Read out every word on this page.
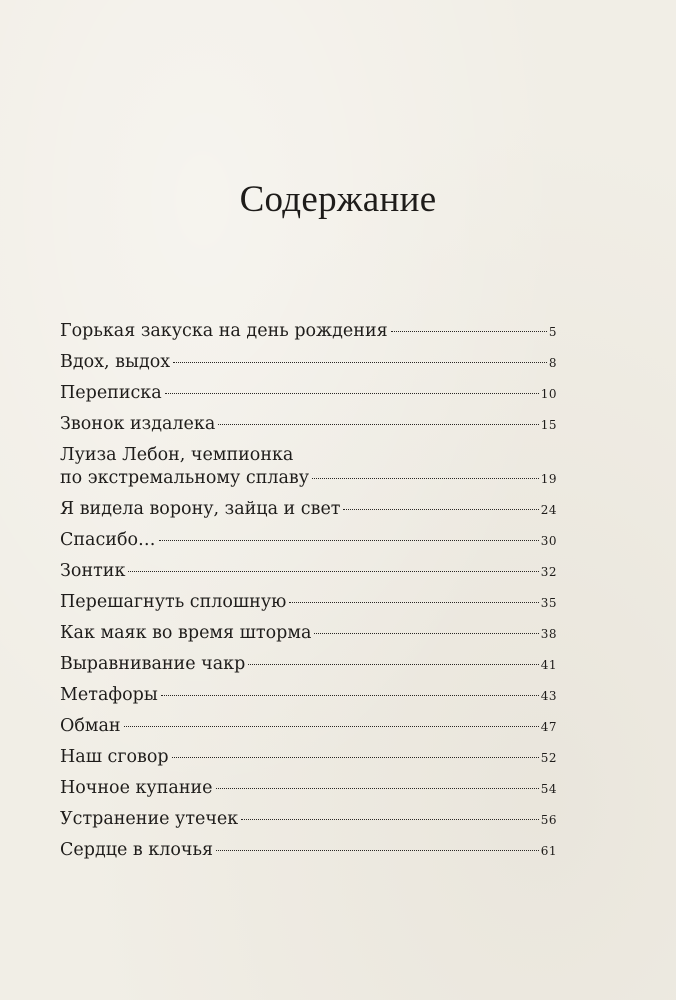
Содержание
Горькая закуска на день рождения	5
Вдох, выдох	8
Переписка	10
Звонок издалека	15
Луиза Лебон, чемпионка
по экстремальному сплаву	19
Я видела ворону, зайца и свет	24
Спасибо…	30
Зонтик	32
Перешагнуть сплошную	35
Как маяк во время шторма	38
Выравнивание чакр	41
Метафоры	43
Обман	47
Наш сговор	52
Ночное купание	54
Устранение утечек	56
Сердце в клочья	61
